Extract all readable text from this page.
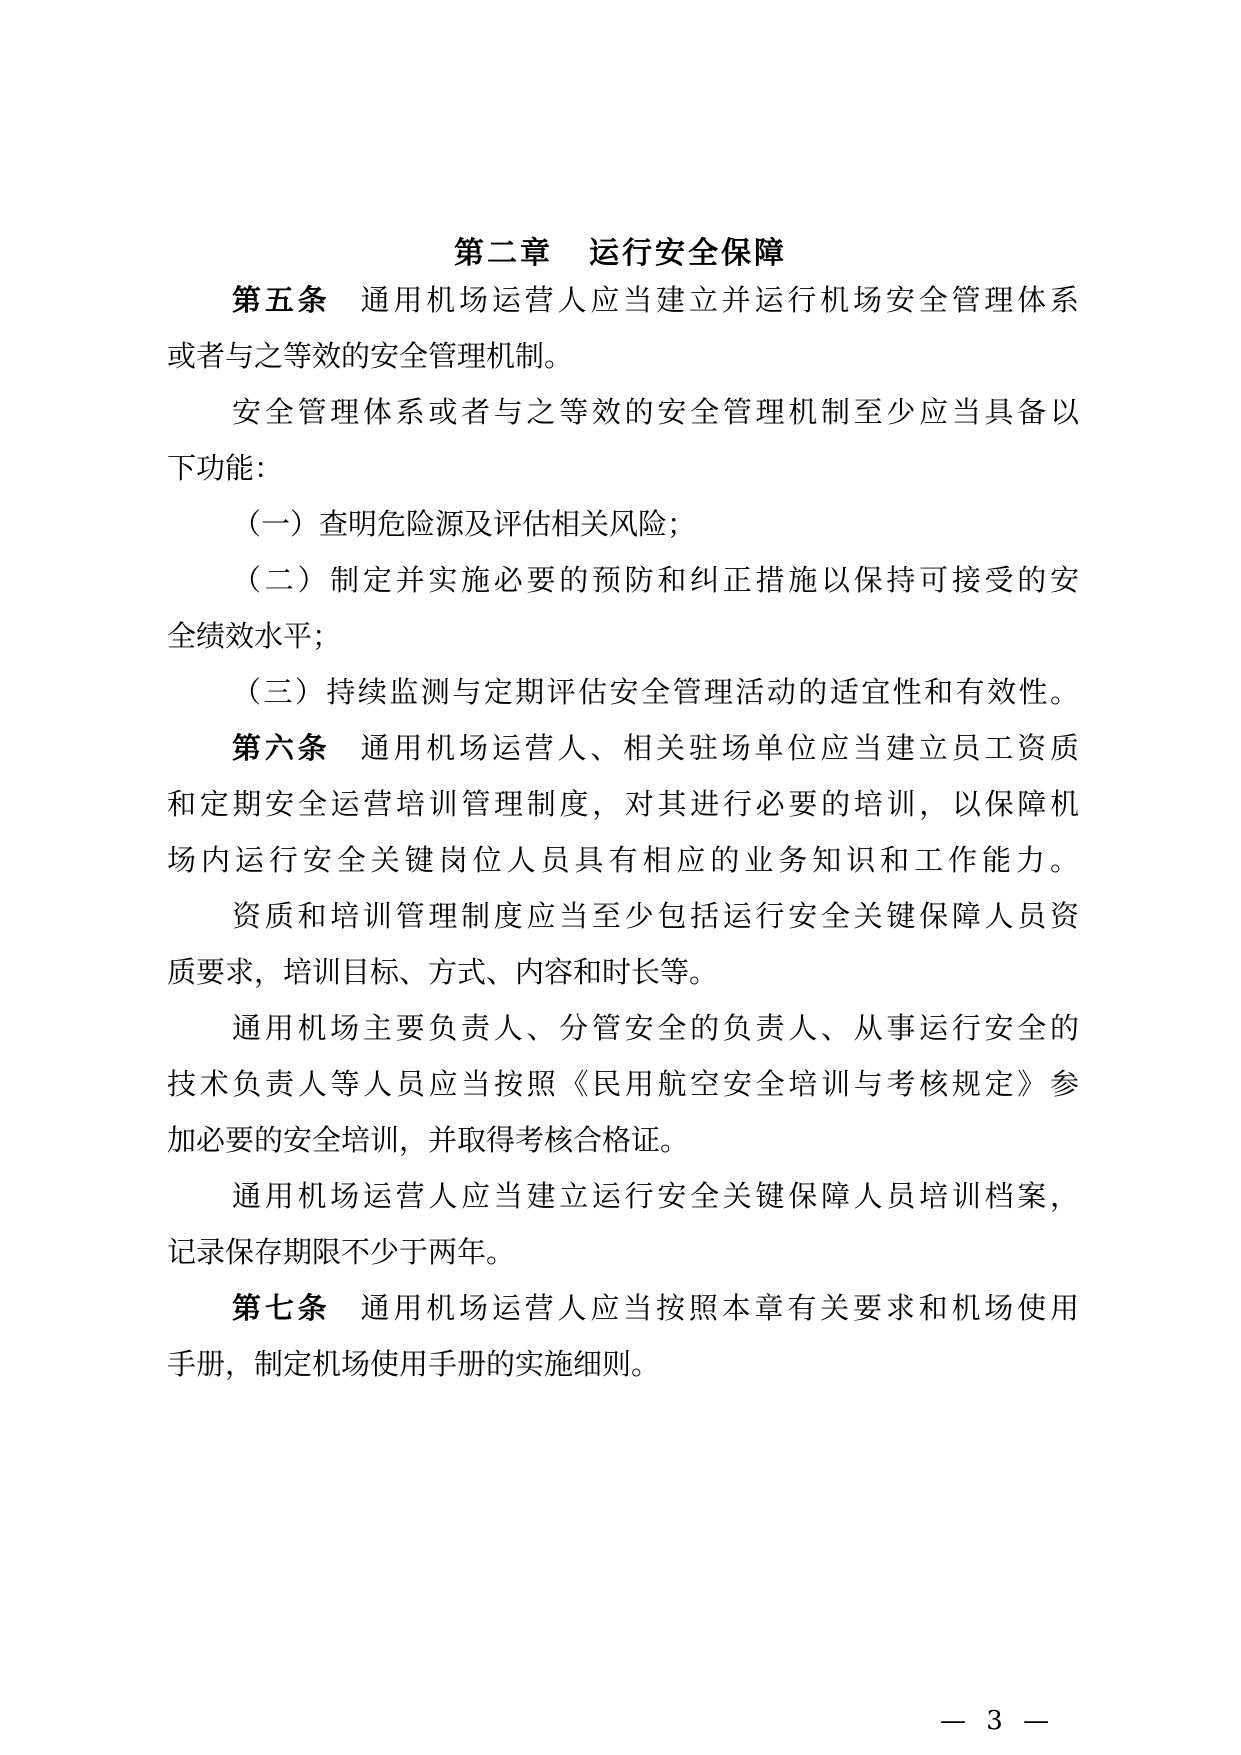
第二章 运行安全保障
第五条 通用机场运营人应当建立并运行机场安全管理体系
或者与之等效的安全管理机制。
安全管理体系或者与之等效的安全管理机制至少应当具备以
下功能：
（一）查明危险源及评估相关风险；
（二）制定并实施必要的预防和纠正措施以保持可接受的安
全绩效水平；
（三）持续监测与定期评估安全管理活动的适宜性和有效性。
第六条 通用机场运营人、相关驻场单位应当建立员工资质
和定期安全运营培训管理制度，对其进行必要的培训，以保障机
场内运行安全关键岗位人员具有相应的业务知识和工作能力。
资质和培训管理制度应当至少包括运行安全关键保障人员资
质要求，培训目标、方式、内容和时长等。
通用机场主要负责人、分管安全的负责人、从事运行安全的
技术负责人等人员应当按照《民用航空安全培训与考核规定》参
加必要的安全培训，并取得考核合格证。
通用机场运营人应当建立运行安全关键保障人员培训档案，
记录保存期限不少于两年。
第七条 通用机场运营人应当按照本章有关要求和机场使用
手册，制定机场使用手册的实施细则。
— 3 —
